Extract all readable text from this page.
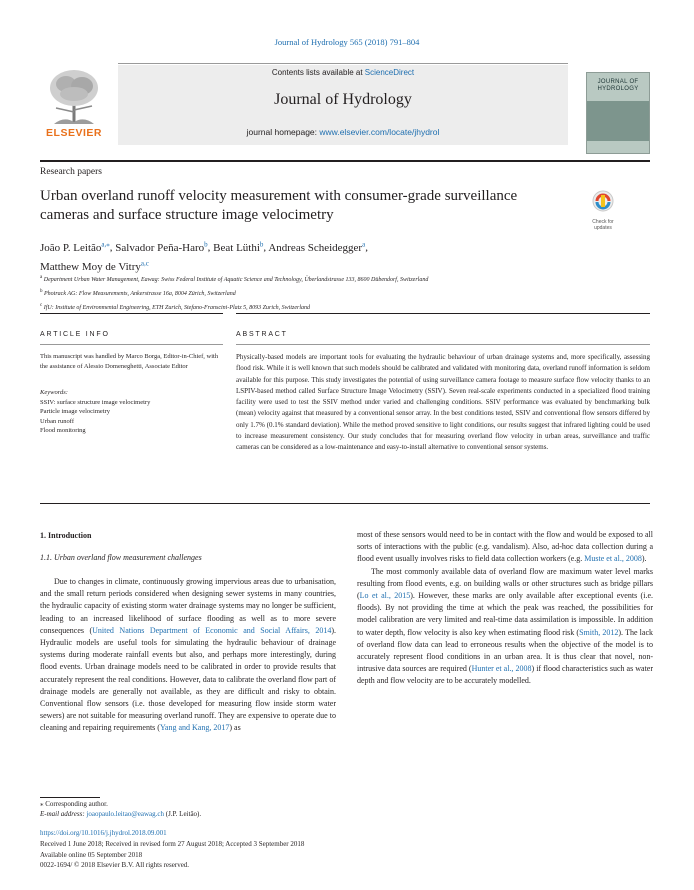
Journal of Hydrology 565 (2018) 791–804
ELSEVIER
Contents lists available at ScienceDirect
Journal of Hydrology
journal homepage: www.elsevier.com/locate/jhydrol
JOURNAL OF HYDROLOGY
Research papers
Urban overland runoff velocity measurement with consumer-grade surveillance cameras and surface structure image velocimetry	Check for updates
João P. Leitão$^{a,⁎}$, Salvador Peña-Haro$^b$, Beat Lüthi$^b$, Andreas Scheidegger$^a$,
Matthew Moy de Vitry$^{a,c}$
$^a$ Department Urban Water Management, Eawag: Swiss Federal Institute of Aquatic Science and Technology, Überlandstrasse 133, 8600 Dübendorf, Switzerland
$^b$ Photrack AG: Flow Measurements, Ankerstrasse 16a, 8004 Zürich, Switzerland
$^c$ IfU: Institute of Environmental Engineering, ETH Zurich, Stefano-Franscini-Platz 5, 8093 Zurich, Switzerland
ARTICLE INFO	ABSTRACT
This manuscript was handled by Marco Borga, Editor-in-Chief, with the assistance of Alessio Domeneghetti, Associate Editor
Keywords:
SSIV: surface structure image velocimetry
Particle image velocimetry
Urban runoff
Flood monitoring
Physically-based models are important tools for evaluating the hydraulic behaviour of urban drainage systems and, more specifically, assessing flood risk. While it is well known that such models should be calibrated and validated with monitoring data, overland runoff information is seldom available for this purpose. This study investigates the potential of using surveillance camera footage to measure surface flow velocity thanks to an LSPIV-based method called Surface Structure Image Velocimetry (SSIV). Seven real-scale experiments conducted in a specialized flood training facility were used to test the SSIV method under varied and challenging conditions. SSIV performance was evaluated by benchmarking bulk (mean) velocity against that measured by a conventional sensor array. In the best conditions tested, SSIV and conventional flow sensors differed by only 1.7% (0.1% standard deviation). While the method proved sensitive to light conditions, our results suggest that infrared lighting could be used to increase measurement consistency. Our study concludes that for measuring overland flow velocity in urban areas, surveillance and traffic cameras can be considered as a low-maintenance and easy-to-install alternative to conventional sensor systems.
1. Introduction
1.1. Urban overland flow measurement challenges

Due to changes in climate, continuously growing impervious areas due to urbanisation, and the small return periods considered when designing sewer systems in many countries, the hydraulic capacity of existing storm water drainage systems may no longer be sufficient, leading to an increased likelihood of surface flooding as well as to more severe consequences (United Nations Department of Economic and Social Affairs, 2014). Hydraulic models are useful tools for simulating the hydraulic behaviour of drainage systems during moderate rainfall events but also, and perhaps more interestingly, during flood events. Urban drainage models need to be calibrated in order to provide results that accurately represent the real conditions. However, data to calibrate the overland flow part of drainage models are generally not available, as they are difficult and risky to obtain. Conventional flow sensors (i.e. those developed for measuring flow inside storm water sewers) are not suitable for measuring overland runoff. They are expensive to operate due to cleaning and repairing requirements (Yang and Kang, 2017) as

most of these sensors would need to be in contact with the flow and would be exposed to all sorts of interactions with the public (e.g. vandalism). Also, ad-hoc data collection during a flood event usually involves risks to field data collection workers (e.g. Muste et al., 2008).

The most commonly available data of overland flow are maximum water level marks resulting from flood events, e.g. on building walls or other structures such as bridge pillars (Lo et al., 2015). However, these marks are only available after exceptional events (i.e. floods). By not providing the time at which the peak was reached, the possibilities for model calibration are very limited and real-time data assimilation is impossible. In addition to water depth, flow velocity is also key when estimating flood risk (Smith, 2012). The lack of overland flow data can lead to erroneous results when the objective of the model is to accurately represent flood conditions in an urban area. It is thus clear that novel, non-intrusive data sources are required (Hunter et al., 2008) if flood characteristics such as water depth and flow velocity are to be accurately modelled.

⁎ Corresponding author.
E-mail address: joaopaulo.leitao@eawag.ch (J.P. Leitão).
https://doi.org/10.1016/j.jhydrol.2018.09.001
Received 1 June 2018; Received in revised form 27 August 2018; Accepted 3 September 2018
Available online 05 September 2018
0022-1694/ © 2018 Elsevier B.V. All rights reserved.
